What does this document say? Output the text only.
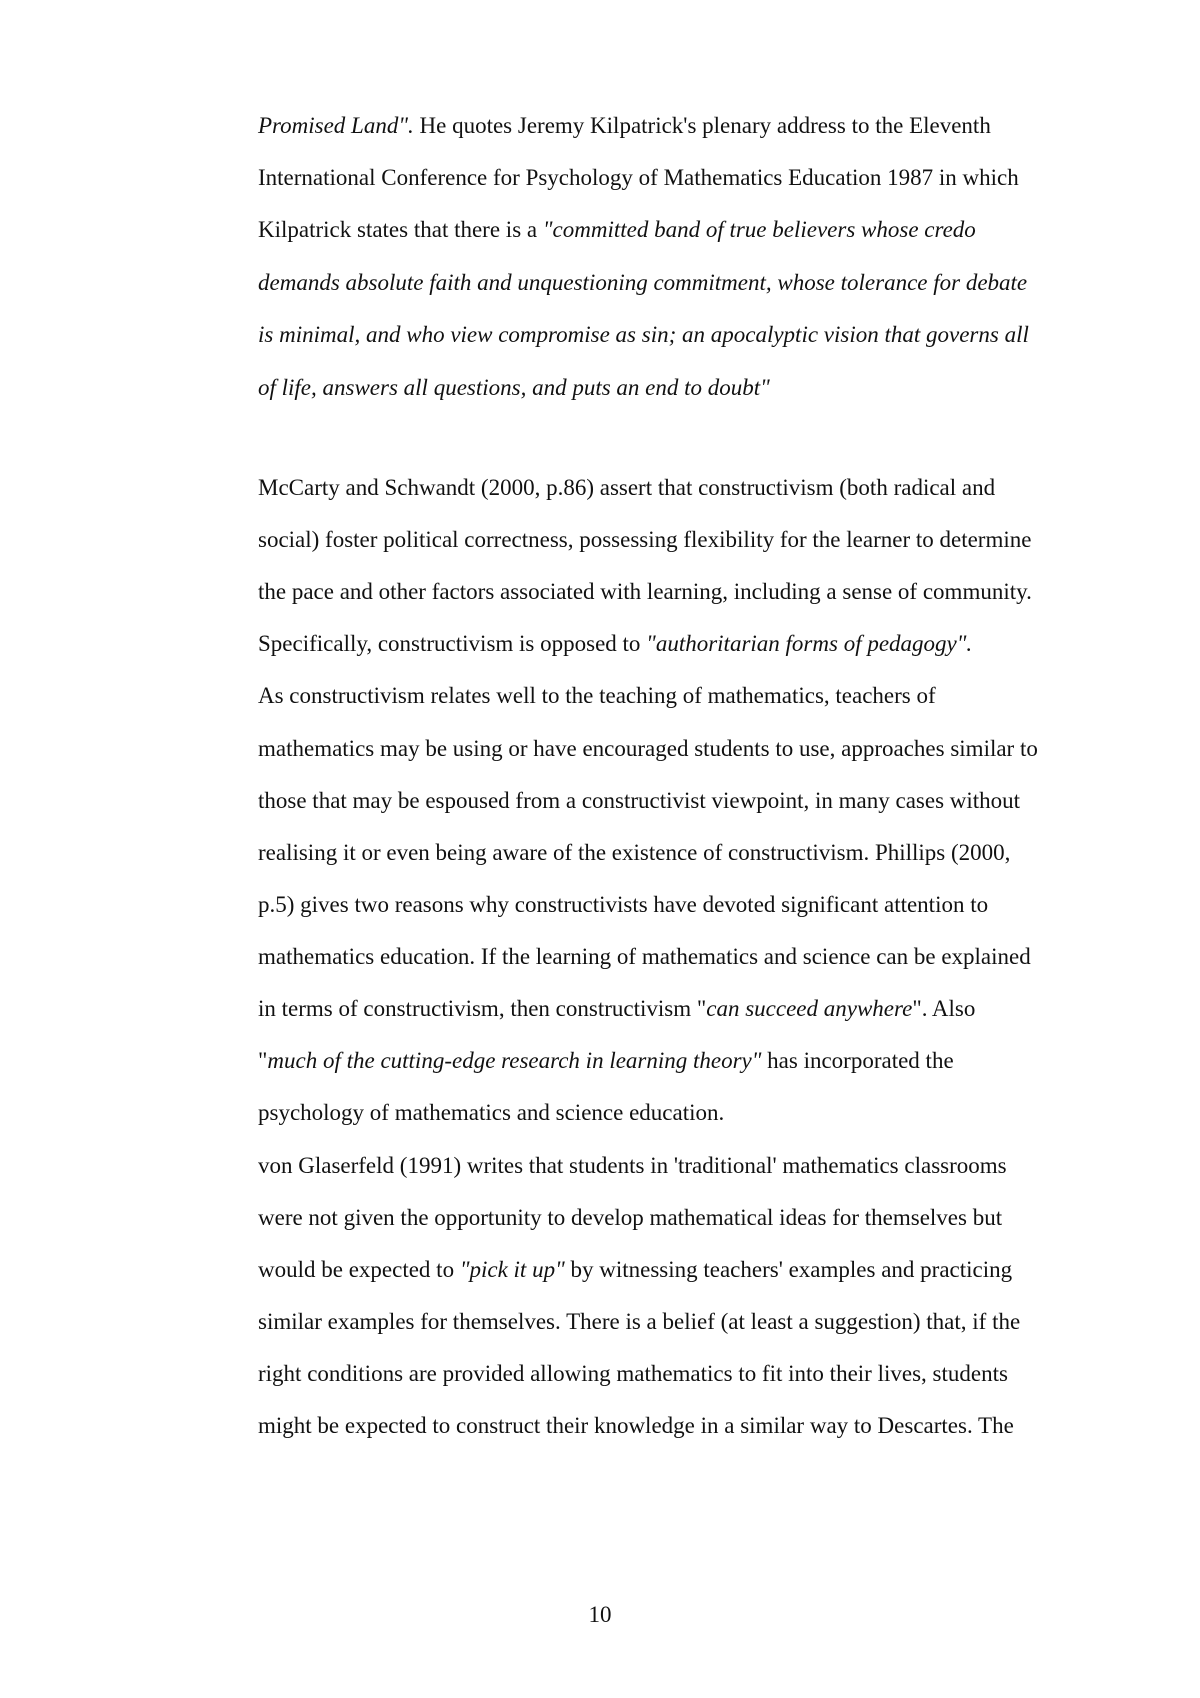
Promised Land". He quotes Jeremy Kilpatrick's plenary address to the Eleventh
International Conference for Psychology of Mathematics Education 1987 in which
Kilpatrick states that there is a "committed band of true believers whose credo
demands absolute faith and unquestioning commitment, whose tolerance for debate
is minimal, and who view compromise as sin; an apocalyptic vision that governs all
of life, answers all questions, and puts an end to doubt"
McCarty and Schwandt (2000, p.86) assert that constructivism (both radical and
social) foster political correctness, possessing flexibility for the learner to determine
the pace and other factors associated with learning, including a sense of community.
Specifically, constructivism is opposed to "authoritarian forms of pedagogy".
As constructivism relates well to the teaching of mathematics, teachers of
mathematics may be using or have encouraged students to use, approaches similar to
those that may be espoused from a constructivist viewpoint, in many cases without
realising it or even being aware of the existence of constructivism. Phillips (2000,
p.5) gives two reasons why constructivists have devoted significant attention to
mathematics education. If the learning of mathematics and science can be explained
in terms of constructivism, then constructivism "can succeed anywhere". Also
"much of the cutting-edge research in learning theory" has incorporated the
psychology of mathematics and science education.
von Glaserfeld (1991) writes that students in 'traditional' mathematics classrooms
were not given the opportunity to develop mathematical ideas for themselves but
would be expected to "pick it up" by witnessing teachers' examples and practicing
similar examples for themselves. There is a belief (at least a suggestion) that, if the
right conditions are provided allowing mathematics to fit into their lives, students
might be expected to construct their knowledge in a similar way to Descartes. The
10
